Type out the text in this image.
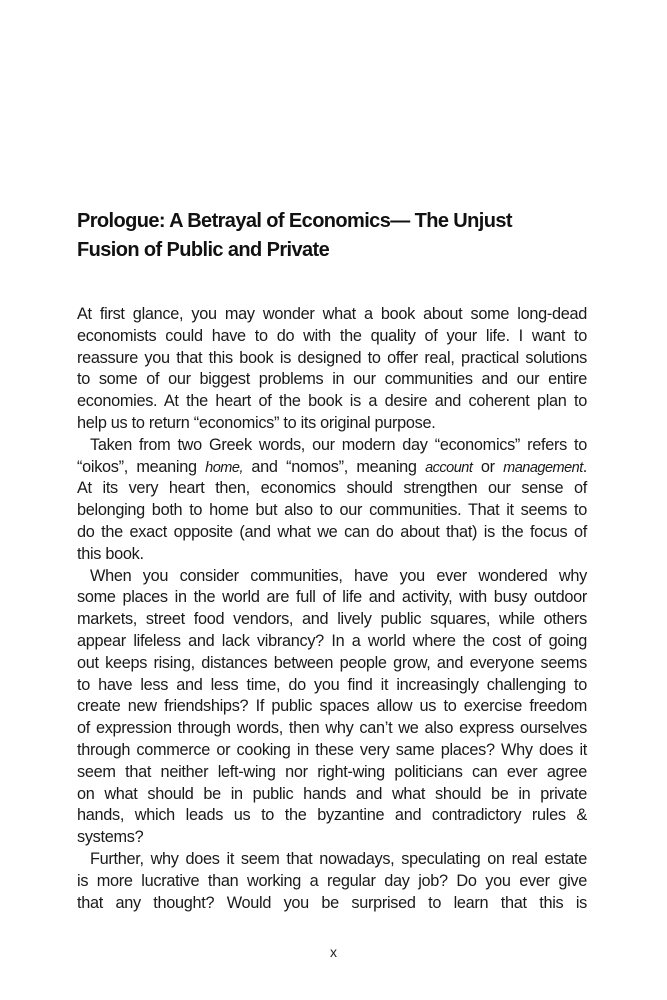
Prologue: A Betrayal of Economics— The Unjust
Fusion of Public and Private
At first glance, you may wonder what a book about some long-dead
economists could have to do with the quality of your life. I want to
reassure you that this book is designed to offer real, practical solutions
to some of our biggest problems in our communities and our entire
economies. At the heart of the book is a desire and coherent plan to
help us to return “economics” to its original purpose.
Taken from two Greek words, our modern day “economics” refers to
“oikos”, meaning home, and “nomos”, meaning account or management.
At its very heart then, economics should strengthen our sense of
belonging both to home but also to our communities. That it seems to
do the exact opposite (and what we can do about that) is the focus of
this book.
When you consider communities, have you ever wondered why
some places in the world are full of life and activity, with busy outdoor
markets, street food vendors, and lively public squares, while others
appear lifeless and lack vibrancy? In a world where the cost of going
out keeps rising, distances between people grow, and everyone seems
to have less and less time, do you find it increasingly challenging to
create new friendships? If public spaces allow us to exercise freedom
of expression through words, then why can’t we also express ourselves
through commerce or cooking in these very same places? Why does it
seem that neither left-wing nor right-wing politicians can ever agree
on what should be in public hands and what should be in private
hands, which leads us to the byzantine and contradictory rules &
systems?
Further, why does it seem that nowadays, speculating on real estate
is more lucrative than working a regular day job? Do you ever give
that any thought? Would you be surprised to learn that this is
x
